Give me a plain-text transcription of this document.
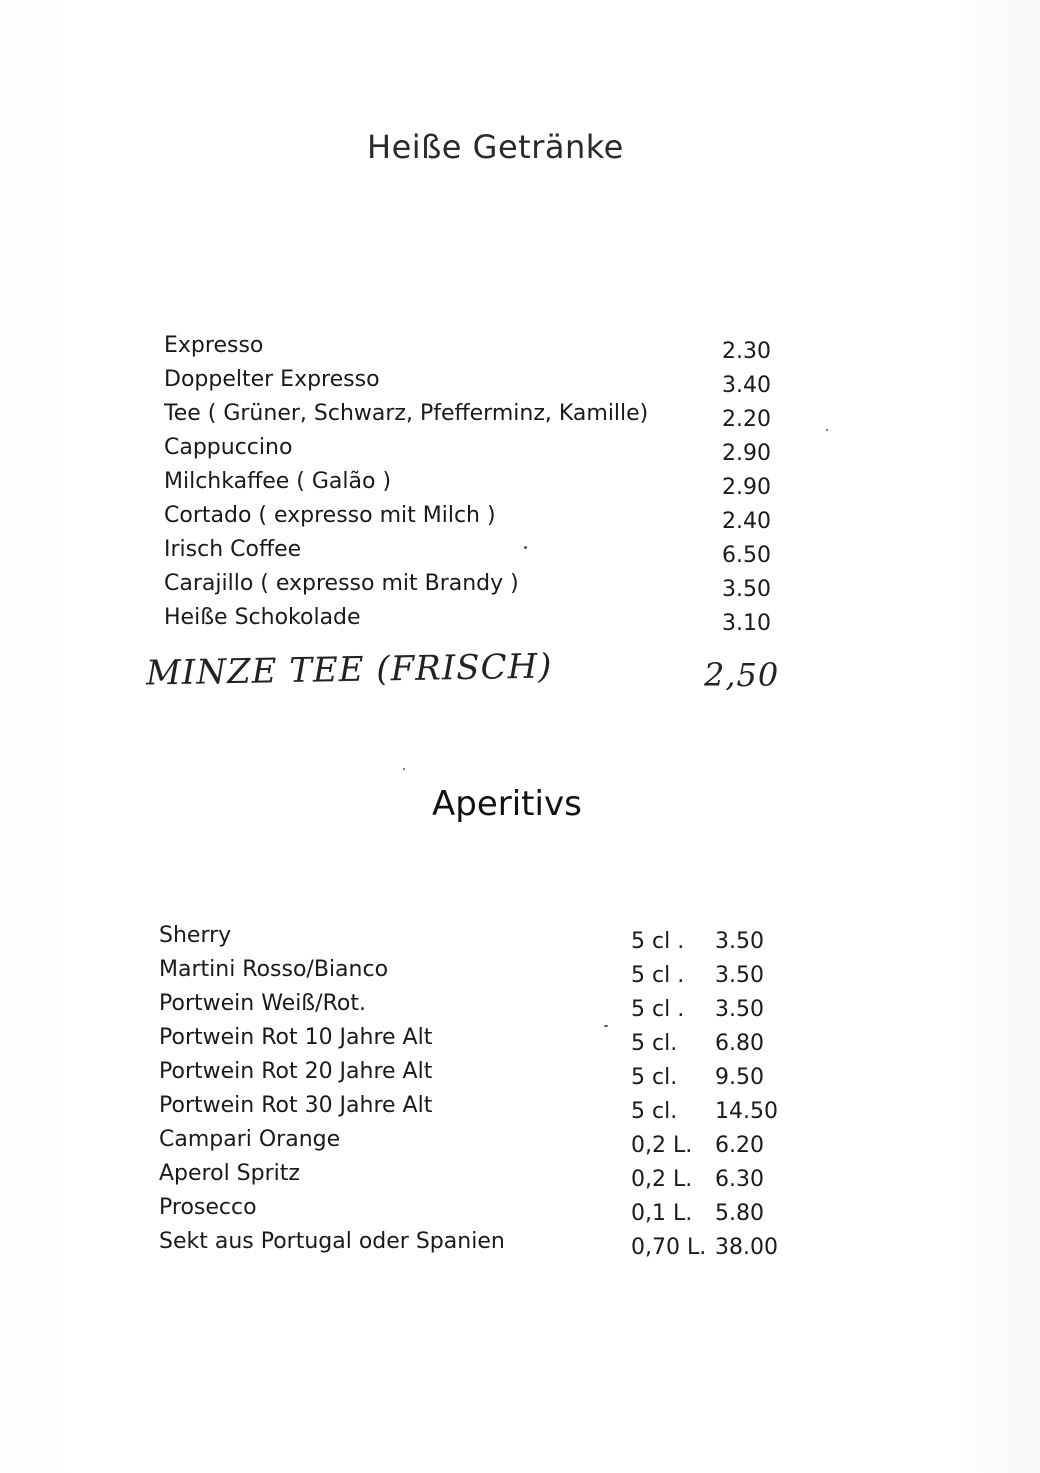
Heiße Getränke
Expresso	2.30
Doppelter Expresso	3.40
Tee ( Grüner, Schwarz, Pfefferminz, Kamille)	2.20
Cappuccino	2.90
Milchkaffee ( Galão )	2.90
Cortado ( expresso mit Milch )	2.40
Irisch Coffee	6.50
Carajillo ( expresso mit Brandy )	3.50
Heiße Schokolade	3.10
MINZE TEE (FRISCH)	2,50
Aperitivs
Sherry	5 cl . 3.50
Martini Rosso/Bianco	5 cl . 3.50
Portwein Weiß/Rot.	5 cl . 3.50
Portwein Rot 10 Jahre Alt	5 cl. 6.80
Portwein Rot 20 Jahre Alt	5 cl. 9.50
Portwein Rot 30 Jahre Alt	5 cl. 14.50
Campari Orange	0,2 L. 6.20
Aperol Spritz	0,2 L. 6.30
Prosecco	0,1 L. 5.80
Sekt aus Portugal oder Spanien	0,70 L. 38.00
